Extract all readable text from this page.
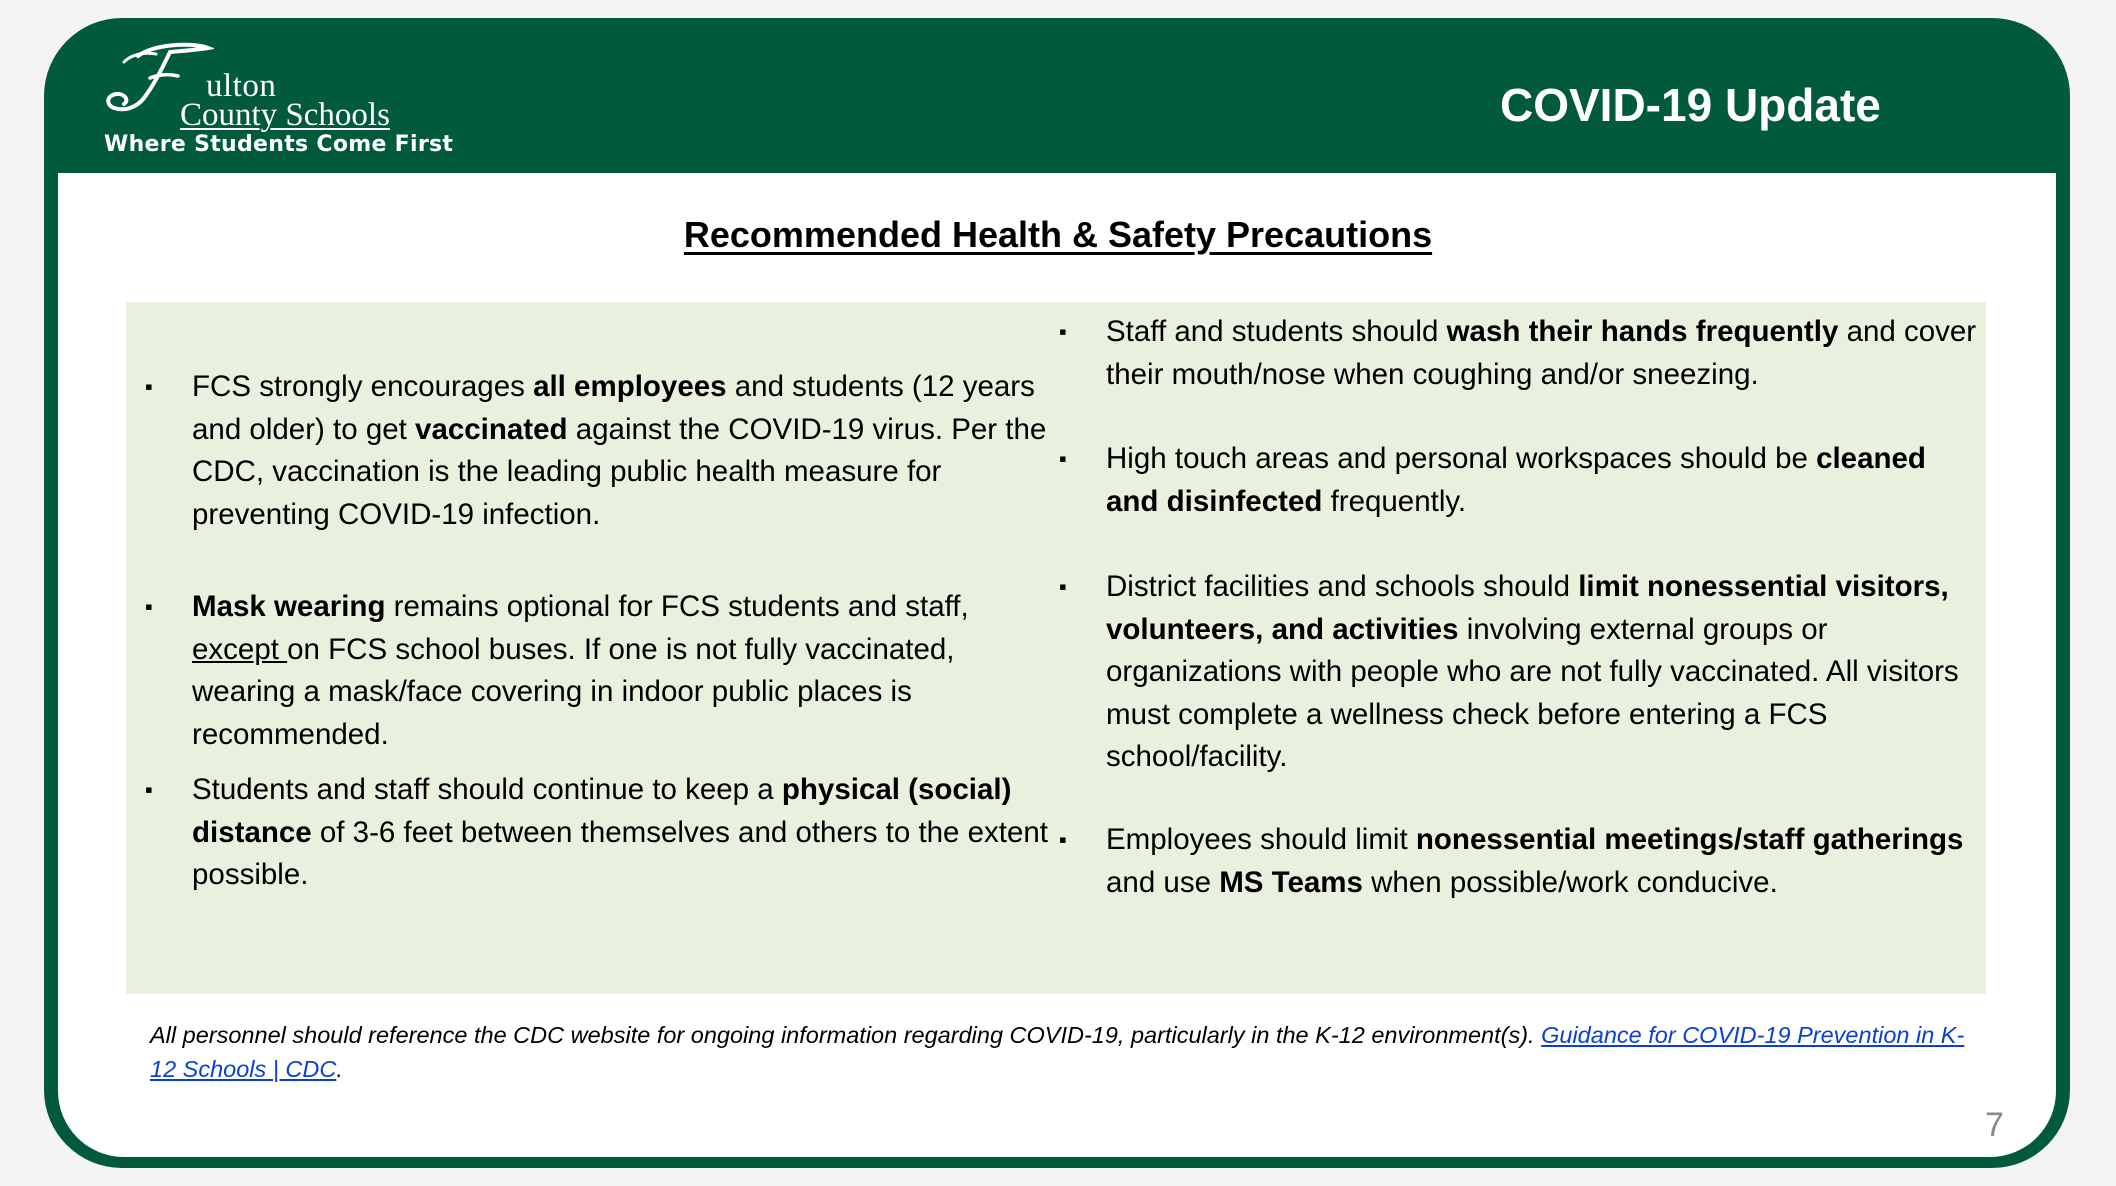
ulton
County Schools
Where Students Come First
COVID-19 Update
Recommended Health & Safety Precautions
▪ FCS strongly encourages all employees and students (12 years and older) to get vaccinated against the COVID-19 virus. Per the CDC, vaccination is the leading public health measure for preventing COVID-19 infection.
▪ Mask wearing remains optional for FCS students and staff, except on FCS school buses. If one is not fully vaccinated, wearing a mask/face covering in indoor public places is recommended.
▪ Students and staff should continue to keep a physical (social) distance of 3-6 feet between themselves and others to the extent possible.
▪ Staff and students should wash their hands frequently and cover their mouth/nose when coughing and/or sneezing.
▪ High touch areas and personal workspaces should be cleaned and disinfected frequently.
▪ District facilities and schools should limit nonessential visitors, volunteers, and activities involving external groups or organizations with people who are not fully vaccinated. All visitors must complete a wellness check before entering a FCS school/facility.
▪ Employees should limit nonessential meetings/staff gatherings and use MS Teams when possible/work conducive.
All personnel should reference the CDC website for ongoing information regarding COVID-19, particularly in the K-12 environment(s). Guidance for COVID-19 Prevention in K-12 Schools | CDC.
7
